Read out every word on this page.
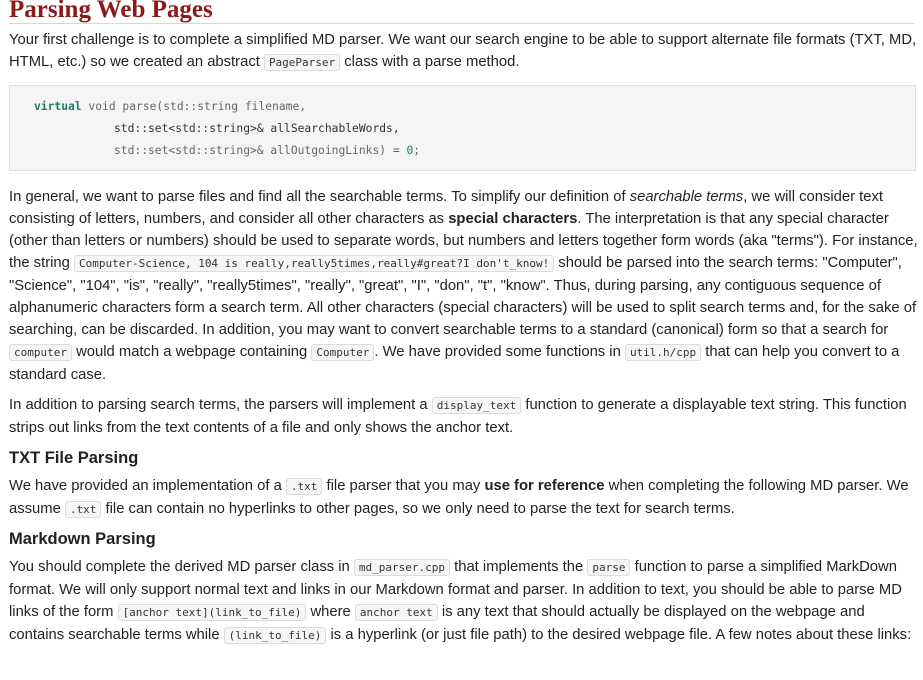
Parsing Web Pages

Your first challenge is to complete a simplified MD parser. We want our search engine to be able to support alternate file formats (TXT, MD, HTML, etc.) so we created an abstract PageParser class with a parse method.

virtual void parse(std::string filename,
std::set<std::string>& allSearchableWords,
std::set<std::string>& allOutgoingLinks) = 0;

In general, we want to parse files and find all the searchable terms. To simplify our definition of searchable terms, we will consider text consisting of letters, numbers, and consider all other characters as special characters. The interpretation is that any special character (other than letters or numbers) should be used to separate words, but numbers and letters together form words (aka "terms"). For instance, the string Computer-Science, 104 is really,really5times,really#great?I don't_know! should be parsed into the search terms: "Computer", "Science", "104", "is", "really", "really5times", "really", "great", "I", "don", "t", "know". Thus, during parsing, any contiguous sequence of alphanumeric characters form a search term. All other characters (special characters) will be used to split search terms and, for the sake of searching, can be discarded. In addition, you may want to convert searchable terms to a standard (canonical) form so that a search for computer would match a webpage containing Computer . We have provided some functions in util.h/cpp that can help you convert to a standard case.

In addition to parsing search terms, the parsers will implement a display_text function to generate a displayable text string. This function strips out links from the text contents of a file and only shows the anchor text.

TXT File Parsing

We have provided an implementation of a .txt file parser that you may use for reference when completing the following MD parser. We assume .txt file can contain no hyperlinks to other pages, so we only need to parse the text for search terms.

Markdown Parsing

You should complete the derived MD parser class in md_parser.cpp that implements the parse function to parse a simplified MarkDown format. We will only support normal text and links in our Markdown format and parser. In addition to text, you should be able to parse MD links of the form [anchor text](link_to_file) where anchor text is any text that should actually be displayed on the webpage and contains searchable terms while (link_to_file) is a hyperlink (or just file path) to the desired webpage file. A few notes about these links:
